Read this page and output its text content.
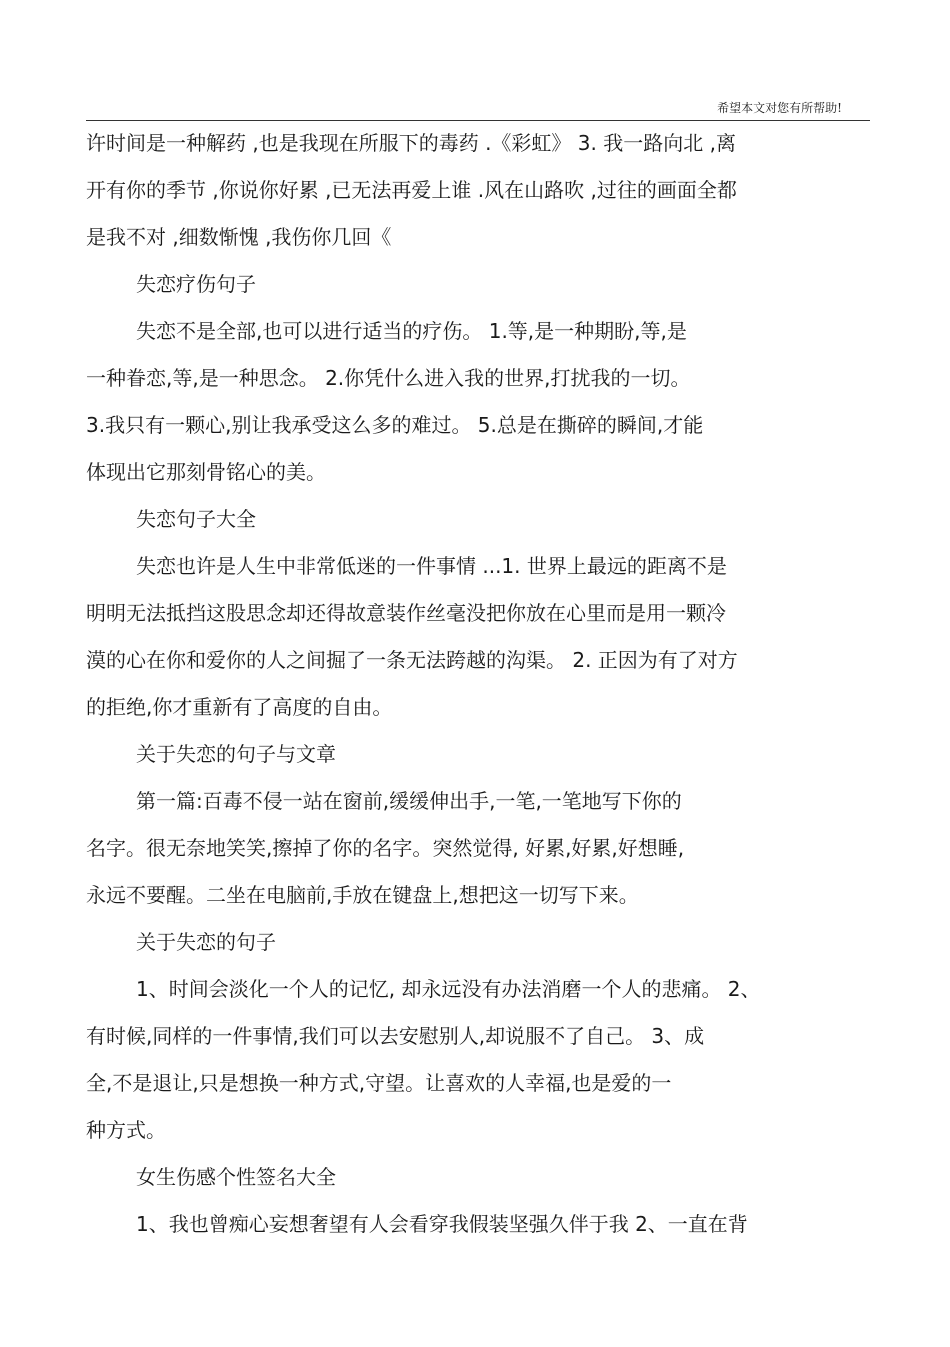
希望本文对您有所帮助!
许时间是一种解药 ,也是我现在所服下的毒药 .《彩虹》 3. 我一路向北 ,离
开有你的季节 ,你说你好累 ,已无法再爱上谁 .风在山路吹 ,过往的画面全都
是我不对 ,细数惭愧 ,我伤你几回《
失恋疗伤句子
失恋不是全部,也可以进行适当的疗伤。 1.等,是一种期盼,等,是
一种眷恋,等,是一种思念。 2.你凭什么进入我的世界,打扰我的一切。
3.我只有一颗心,别让我承受这么多的难过。 5.总是在撕碎的瞬间,才能
体现出它那刻骨铭心的美。
失恋句子大全
失恋也许是人生中非常低迷的一件事情 ...1. 世界上最远的距离不是
明明无法抵挡这股思念却还得故意装作丝毫没把你放在心里而是用一颗冷
漠的心在你和爱你的人之间掘了一条无法跨越的沟渠。 2. 正因为有了对方
的拒绝,你才重新有了高度的自由。
关于失恋的句子与文章
第一篇:百毒不侵一站在窗前,缓缓伸出手,一笔,一笔地写下你的
名字。很无奈地笑笑,擦掉了你的名字。突然觉得, 好累,好累,好想睡,
永远不要醒。二坐在电脑前,手放在键盘上,想把这一切写下来。
关于失恋的句子
1、时间会淡化一个人的记忆, 却永远没有办法消磨一个人的悲痛。 2、
有时候,同样的一件事情,我们可以去安慰别人,却说服不了自己。 3、成
全,不是退让,只是想换一种方式,守望。让喜欢的人幸福,也是爱的一
种方式。
女生伤感个性签名大全
1、我也曾痴心妄想奢望有人会看穿我假装坚强久伴于我 2、一直在背
